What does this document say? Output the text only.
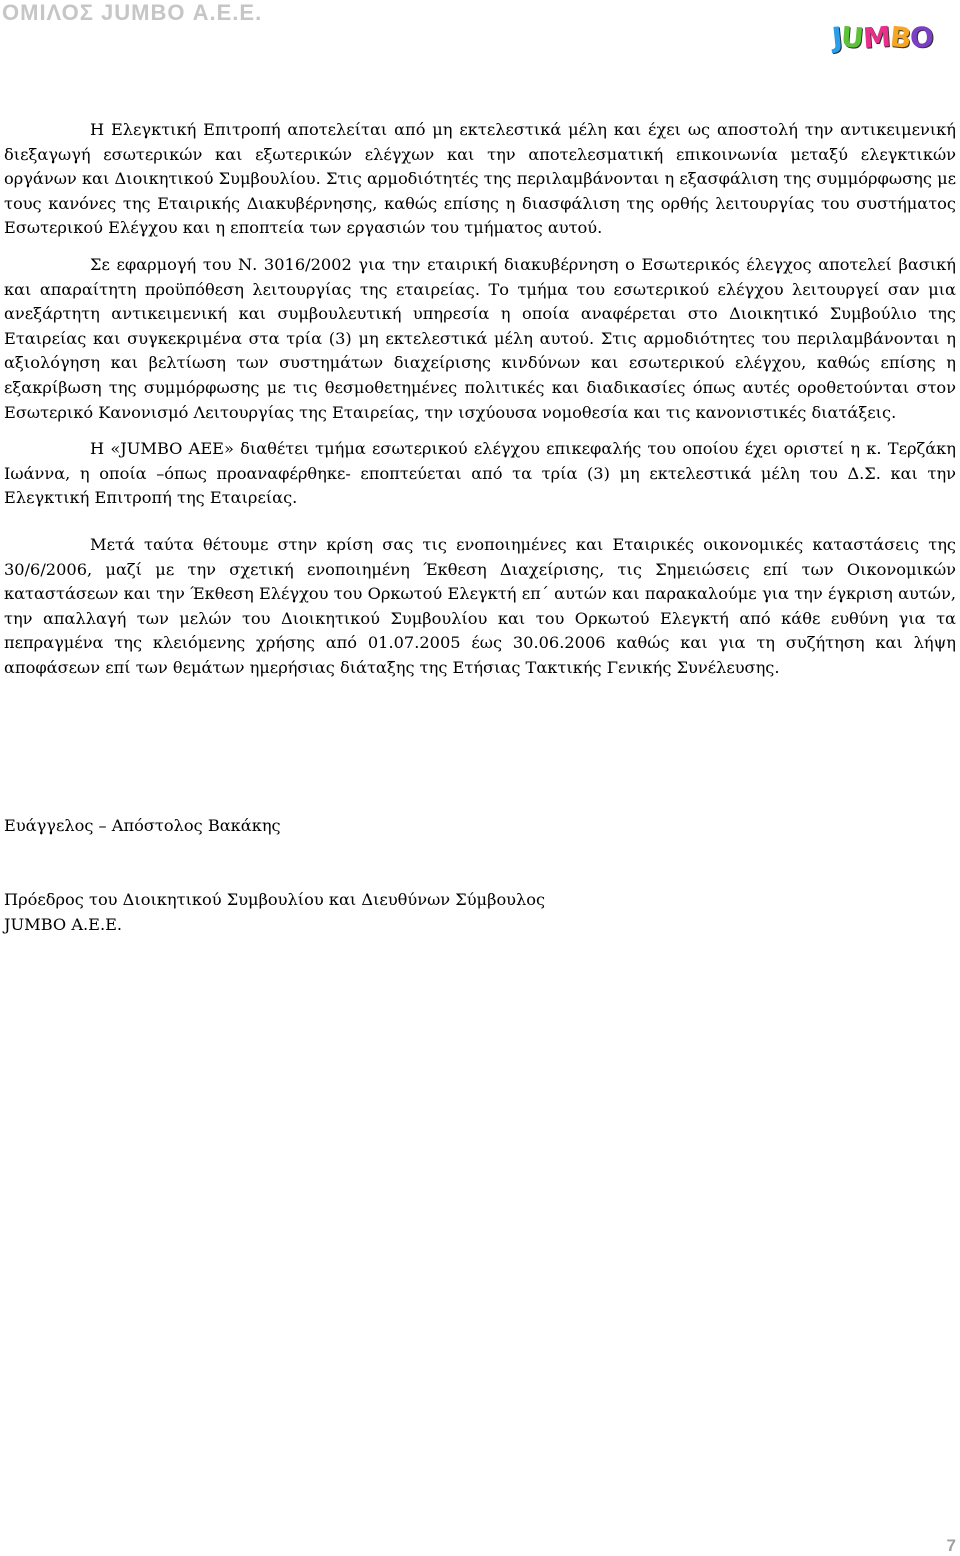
ΟΜΙΛΟΣ JUMBO Α.Ε.Ε.
J
U
M
B
O

Η Ελεγκτική Επιτροπή αποτελείται από μη εκτελεστικά μέλη και έχει ως αποστολή την αντικειμενική διεξαγωγή εσωτερικών και εξωτερικών ελέγχων και την αποτελεσματική επικοινωνία μεταξύ ελεγκτικών οργάνων και Διοικητικού Συμβουλίου. Στις αρμοδιότητές της περιλαμβάνονται η εξασφάλιση της συμμόρφωσης με τους κανόνες της Εταιρικής Διακυβέρνησης, καθώς επίσης η διασφάλιση της ορθής λειτουργίας του συστήματος Εσωτερικού Ελέγχου και η εποπτεία των εργασιών του τμήματος αυτού.

Σε εφαρμογή του Ν. 3016/2002 για την εταιρική διακυβέρνηση ο Εσωτερικός έλεγχος αποτελεί βασική και απαραίτητη προϋπόθεση λειτουργίας της εταιρείας. Το τμήμα του εσωτερικού ελέγχου λειτουργεί σαν μια ανεξάρτητη αντικειμενική και συμβουλευτική υπηρεσία η οποία αναφέρεται στο Διοικητικό Συμβούλιο της Εταιρείας και συγκεκριμένα στα τρία (3) μη εκτελεστικά μέλη αυτού. Στις αρμοδιότητες του περιλαμβάνονται η αξιολόγηση και βελτίωση των συστημάτων διαχείρισης κινδύνων και εσωτερικού ελέγχου, καθώς επίσης η εξακρίβωση της συμμόρφωσης με τις θεσμοθετημένες πολιτικές και διαδικασίες όπως αυτές οροθετούνται στον Εσωτερικό Κανονισμό Λειτουργίας της Εταιρείας, την ισχύουσα νομοθεσία και τις κανονιστικές διατάξεις.

Η «JUMBO ΑΕΕ» διαθέτει τμήμα εσωτερικού ελέγχου επικεφαλής του οποίου έχει οριστεί η κ. Τερζάκη Ιωάννα, η οποία –όπως προαναφέρθηκε- εποπτεύεται από τα τρία (3) μη εκτελεστικά μέλη του Δ.Σ. και την Ελεγκτική Επιτροπή της Εταιρείας.

Μετά ταύτα θέτουμε στην κρίση σας τις ενοποιημένες και Εταιρικές οικονομικές καταστάσεις της 30/6/2006, μαζί με την σχετική ενοποιημένη Έκθεση Διαχείρισης, τις Σημειώσεις επί των Οικονομικών καταστάσεων και την Έκθεση Ελέγχου του Ορκωτού Ελεγκτή επ΄ αυτών και παρακαλούμε για την έγκριση αυτών, την απαλλαγή των μελών του Διοικητικού Συμβουλίου και του Ορκωτού Ελεγκτή από κάθε ευθύνη για τα πεπραγμένα της κλειόμενης χρήσης από 01.07.2005 έως 30.06.2006 καθώς και για τη συζήτηση και λήψη αποφάσεων επί των θεμάτων ημερήσιας διάταξης της Ετήσιας Τακτικής Γενικής Συνέλευσης.

Ευάγγελος – Απόστολος Βακάκης
Πρόεδρος του Διοικητικού Συμβουλίου και Διευθύνων Σύμβουλος
JUMBO Α.Ε.Ε.
7
